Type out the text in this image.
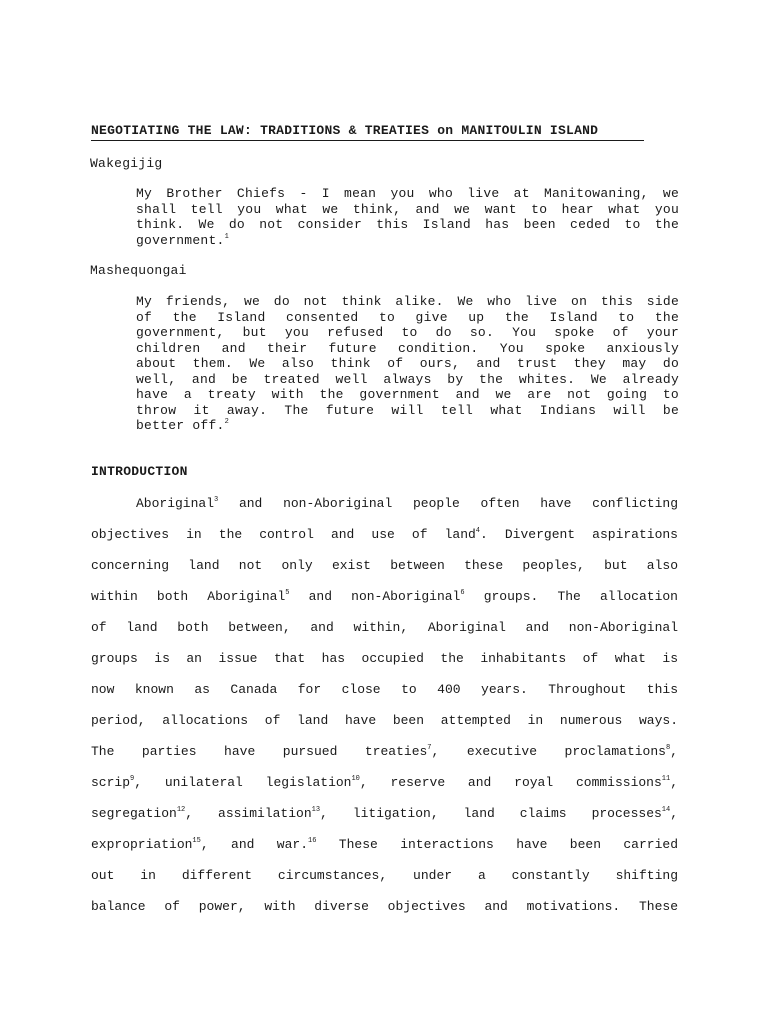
NEGOTIATING THE LAW: TRADITIONS & TREATIES on MANITOULIN ISLAND
Wakegijig
My Brother Chiefs - I mean you who live at Manitowaning, we
shall tell you what we think, and we want to hear what you
think. We do not consider this Island has been ceded to the
government.$^1$
Mashequongai
My friends, we do not think alike. We who live on this side
of the Island consented to give up the Island to the
government, but you refused to do so. You spoke of your
children and their future condition. You spoke anxiously
about them. We also think of ours, and trust they may do
well, and be treated well always by the whites. We already
have a treaty with the government and we are not going to
throw it away. The future will tell what Indians will be
better off.$^2$
INTRODUCTION
Aboriginal$^3$ and non-Aboriginal people often have conflicting
objectives in the control and use of land$^4$. Divergent aspirations
concerning land not only exist between these peoples, but also
within both Aboriginal$^5$ and non-Aboriginal$^6$ groups. The allocation
of land both between, and within, Aboriginal and non-Aboriginal
groups is an issue that has occupied the inhabitants of what is
now known as Canada for close to 400 years. Throughout this
period, allocations of land have been attempted in numerous ways.
The parties have pursued treaties$^7$, executive proclamations$^8$,
scrip$^9$, unilateral legislation$^{10}$, reserve and royal commissions$^{11}$,
segregation$^{12}$, assimilation$^{13}$, litigation, land claims processes$^{14}$,
expropriation$^{15}$, and war.$^{16}$ These interactions have been carried
out in different circumstances, under a constantly shifting
balance of power, with diverse objectives and motivations. These
